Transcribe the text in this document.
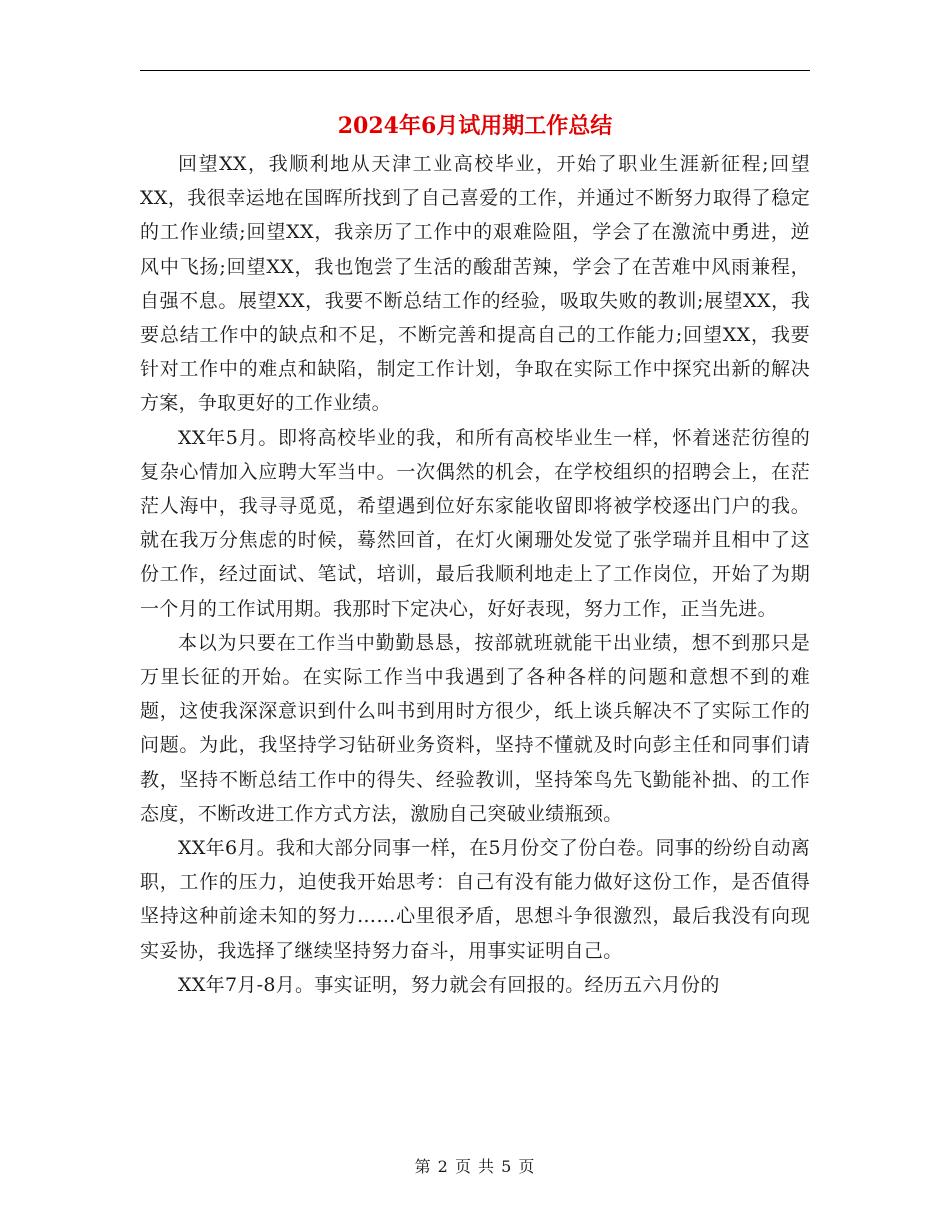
2024年6月试用期工作总结

回望XX，我顺利地从天津工业高校毕业，开始了职业生涯新征程;回望XX，我很幸运地在国晖所找到了自己喜爱的工作，并通过不断努力取得了稳定的工作业绩;回望XX，我亲历了工作中的艰难险阻，学会了在激流中勇进，逆风中飞扬;回望XX，我也饱尝了生活的酸甜苦辣，学会了在苦难中风雨兼程，自强不息。展望XX，我要不断总结工作的经验，吸取失败的教训;展望XX，我要总结工作中的缺点和不足，不断完善和提高自己的工作能力;回望XX，我要针对工作中的难点和缺陷，制定工作计划，争取在实际工作中探究出新的解决方案，争取更好的工作业绩。

XX年5月。即将高校毕业的我，和所有高校毕业生一样，怀着迷茫彷徨的复杂心情加入应聘大军当中。一次偶然的机会，在学校组织的招聘会上，在茫茫人海中，我寻寻觅觅，希望遇到位好东家能收留即将被学校逐出门户的我。就在我万分焦虑的时候，蓦然回首，在灯火阑珊处发觉了张学瑞并且相中了这份工作，经过面试、笔试，培训，最后我顺利地走上了工作岗位，开始了为期一个月的工作试用期。我那时下定决心，好好表现，努力工作，正当先进。

本以为只要在工作当中勤勤恳恳，按部就班就能干出业绩，想不到那只是万里长征的开始。在实际工作当中我遇到了各种各样的问题和意想不到的难题，这使我深深意识到什么叫书到用时方很少，纸上谈兵解决不了实际工作的问题。为此，我坚持学习钻研业务资料，坚持不懂就及时向彭主任和同事们请教，坚持不断总结工作中的得失、经验教训，坚持笨鸟先飞勤能补拙、的工作态度，不断改进工作方式方法，激励自己突破业绩瓶颈。

XX年6月。我和大部分同事一样，在5月份交了份白卷。同事的纷纷自动离职，工作的压力，迫使我开始思考：自己有没有能力做好这份工作，是否值得坚持这种前途未知的努力……心里很矛盾，思想斗争很激烈，最后我没有向现实妥协，我选择了继续坚持努力奋斗，用事实证明自己。

XX年7月-8月。事实证明，努力就会有回报的。经历五六月份的

第 2 页 共 5 页
